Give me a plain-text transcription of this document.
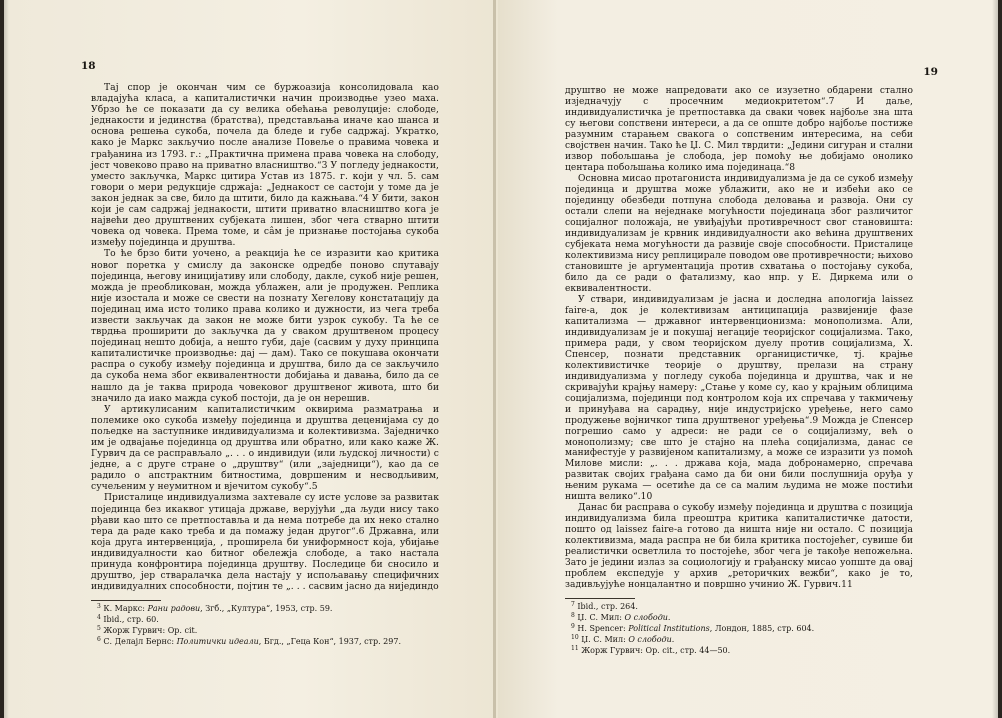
18

Тај спор је окончан чим се буржоазија консолидовала као владајућа класа, а капиталистички начин производње узео маха. Убрзо ће се показати да су велика обећања револуције: слободе, једнакости и јединства (братства), представљања иначе као шанса и основа решења сукоба, почела да бледе и губе садржај. Укратко, како је Маркс закључио после анализе Повеље о правима човека и грађанина из 1793. г.: „Практична примена права човека на слободу, јест човеково право на приватно власништво.“3 У погледу једнакости, уместо закључка, Маркс цитира Устав из 1875. г. који у чл. 5. сам говори о мери редукције сдржаја: „Једнакост се састоји у томе да је закон једнак за све, било да штити, било да кажњава.“4 У бити, закон који је сам садржај једнакости, штити приватно власништво кога је највећи део друштвених субјеката лишен, због чега стварно штити човека од човека. Према томе, и сâм је признање постојања сукоба између појединца и друштва.

То ће брзо бити уочено, а реакција ће се изразити као критика новог поретка у смислу да законске одредбе поново спутавају појединца, његову иницијативу или слободу, дакле, сукоб није решен, можда је преобликован, можда ублажен, али је продужен. Реплика није изостала и може се свести на познату Хегелову констатацију да појединац има исто толико права колико и дужности, из чега треба извести закључак да закон не може бити узрок сукобу. Та ће се тврдња проширити до закључка да у сваком друштвеном процесу појединац нешто добија, а нешто губи, даје (сасвим у духу принципа капиталистичке производње: дај — дам). Тако се покушава окончати распра о сукобу између појединца и друштва, било да се закључило да сукоба нема због еквивалентности добијања и давања, било да се нашло да је таква природа човековог друштвеног живота, што би значило да иако мажда сукоб постоји, да је он нерешив.

У артикулисаним капиталистичким оквирима разматрања и полемике око сукоба између појединца и друштва деценијама су до пољедке на заступнике индивидуализма и колективизма. Заједничко им је одвајање појединца од друштва или обратно, или како каже Ж. Гурвич да се расправљало „. . . о индивидуи (или људској личности) с једне, а с друге стране о „друштву“ (или „заједници“), као да се радило о апстрактним битностима, довршеним и несводљивим, сучељеним у неумитном и вјечитом сукобу“.5

Присталице индивидуализма захтевале су исте услове за развитак појединца без икаквог утицаја државе, верујући „да људи нису тако рђави као што се претпоставља и да нема потребе да их неко стално тера да раде како треба и да помажу један другог“.6 Државна, или која друга интервенција, , проширела би униформност која, убијање индивидуалности као битног обележја слободе, а тако настала принуда конфронтира појединца друштву. Последице би сносило и друштво, јер стваралачка дела настају у испољавању специфичних индивидуалних способности, појтин те „. . . сасвим јасно да нијединдо

$^3$ К. Маркс: Рани радови, Згб., „Култура“, 1953, стр. 59.
$^4$ Ibid., стр. 60.
$^5$ Жорж Гурвич: Op. cit.
$^6$ С. Делајл Бернс: Политички идеали, Бгд., „Геца Кон“, 1937, стр. 297.
19

друштво не може напредовати ако се изузетно обдарени стално изједначују с просечним медиокритетом“.7 И даље, индивидуалистичка је претпоставка да сваки човек најбоље зна шта су његови сопствени интереси, а да се опште добро најбоље постиже разумним старањем свакога о сопственим интересима, на себи својствен начин. Тако ће Џ. С. Мил тврдити: „Једини сигуран и стални извор побољшања је слобода, јер помоћу ње добијамо онолико центара побољшања колико има појединаца.“8

Основна мисао протагониста индивидуализма је да се сукоб између појединца и друштва може ублажити, ако не и избећи ако се појединцу обезбеди потпуна слобода деловања и развоја. Они су остали слепи на неједнаке могућности појединаца због различитог социјалног положаја, не увиђајући противречност свог становишта: индивидуализам је крвник индивидуалности ако већина друштвених субјеката нема могућности да развије своје способности. Присталице колективизма нису реплицирале поводом ове противречности; њихово становиште је аргументација против схватања о постојању сукоба, било да се ради о фатализму, као нпр. у Е. Диркема или о еквивалентности.

У ствари, индивидуализам је јасна и доследна апологија laissez faire-а, док је колективизам антиципација развијеније фазе капитализма — државног интервенционизма: монополизма. Али, индивидуализам је и покушај негације теоријског социјализма. Тако, примера ради, у свом теоријском дуелу против социјализма, Х. Спенсер, познати представник органицистичке, тј. крајње колективистичке теорије о друштву, прелази на страну индивидуализма у погледу сукоба појединца и друштва, чак и не скривајући крајњу намеру: „Стање у коме су, као у крајњим облицима социјализма, појединци под контролом која их спречава у такмичењу и принуђава на сарадњу, није индустријско уређење, него само продужење војничког типа друштвеног уређења“.9 Можда је Спенсер погрешио само у адреси: не ради се о социјализму, већ о монополизму; све што је стајно на плећа социјализма, данас се манифестује у развијеном капитализму, а може се изразити уз помоћ Милове мисли: „. . . државa која, мада добронамерно, спречава развитак својих грађана само да би они били послушнија оруђа у њеним рукама — осетиће да се са малим људима не може постићи ништа велико“.10

Данас би расправа о сукобу између појединца и друштва с позиција индивидуализма била преоштра критика капиталистичке датости, пошто од laissez faire-а готово да ништа није ни остало. С позиција колективизма, мада распра не би била критика постојећег, сувише би реалистички осветлила то постојеће, због чега је такође непожељна. Зато је једини излаз за социологију и грађанску мисао уопште да овај проблем експедује у архив „реторичких вежби“, како је то, задивљујуће нонцалантно и површно учинио Ж. Гурвич.11

$^7$ Ibid., стр. 264.
$^8$ Џ. С. Мил: О слободи.
$^9$ H. Spencer: Political Institutions, Лондон, 1885, стр. 604.
$^{10}$ Џ. С. Мил: О слободи.
$^{11}$ Жорж Гурвич: Op. cit., стр. 44—50.
